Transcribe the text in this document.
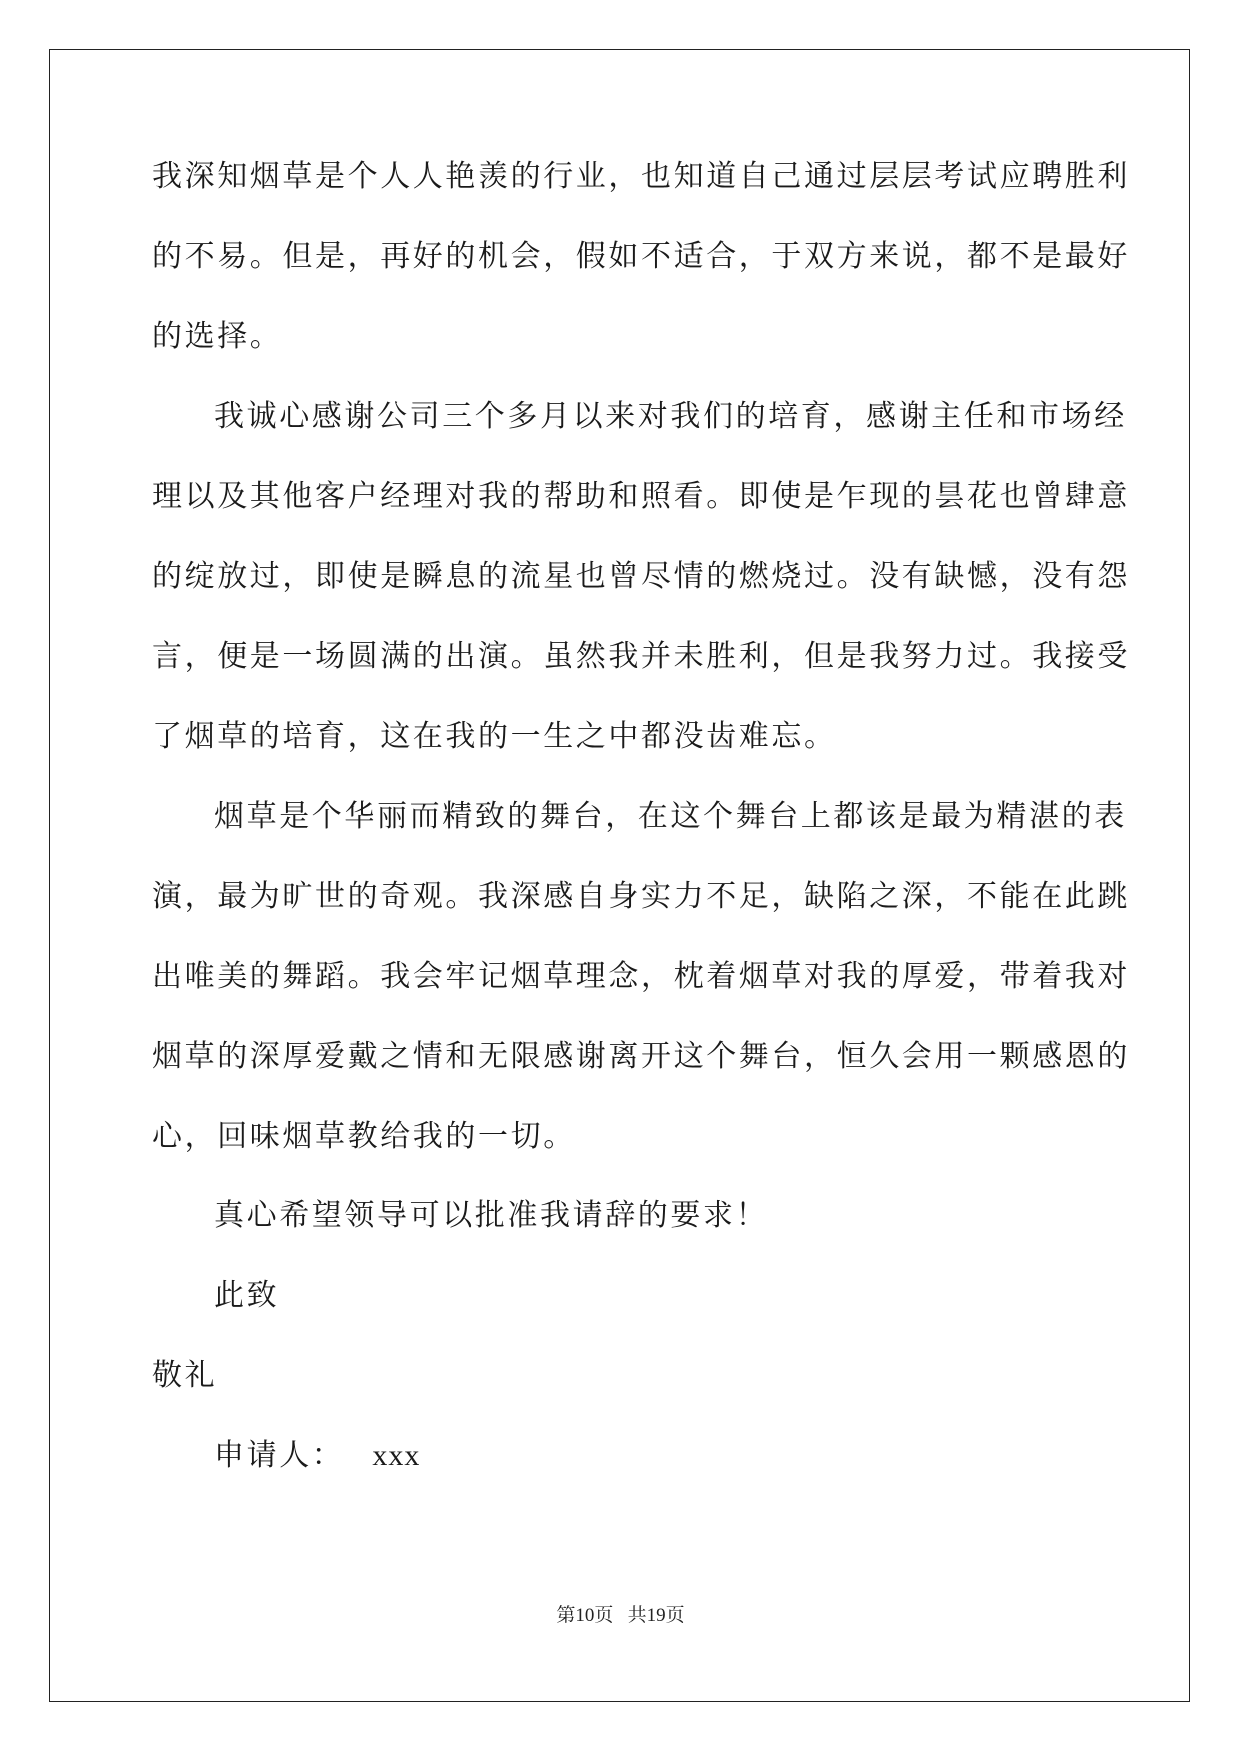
我深知烟草是个人人艳羡的行业，也知道自己通过层层考试应聘胜利
的不易。但是，再好的机会，假如不适合，于双方来说，都不是最好
的选择。
我诚心感谢公司三个多月以来对我们的培育，感谢主任和市场经
理以及其他客户经理对我的帮助和照看。即使是乍现的昙花也曾肆意
的绽放过，即使是瞬息的流星也曾尽情的燃烧过。没有缺憾，没有怨
言，便是一场圆满的出演。虽然我并未胜利，但是我努力过。我接受
了烟草的培育，这在我的一生之中都没齿难忘。
烟草是个华丽而精致的舞台，在这个舞台上都该是最为精湛的表
演，最为旷世的奇观。我深感自身实力不足，缺陷之深，不能在此跳
出唯美的舞蹈。我会牢记烟草理念，枕着烟草对我的厚爱，带着我对
烟草的深厚爱戴之情和无限感谢离开这个舞台，恒久会用一颗感恩的
心，回味烟草教给我的一切。
真心希望领导可以批准我请辞的要求！
此致
敬礼
申请人： xxx
第10页 共19页
